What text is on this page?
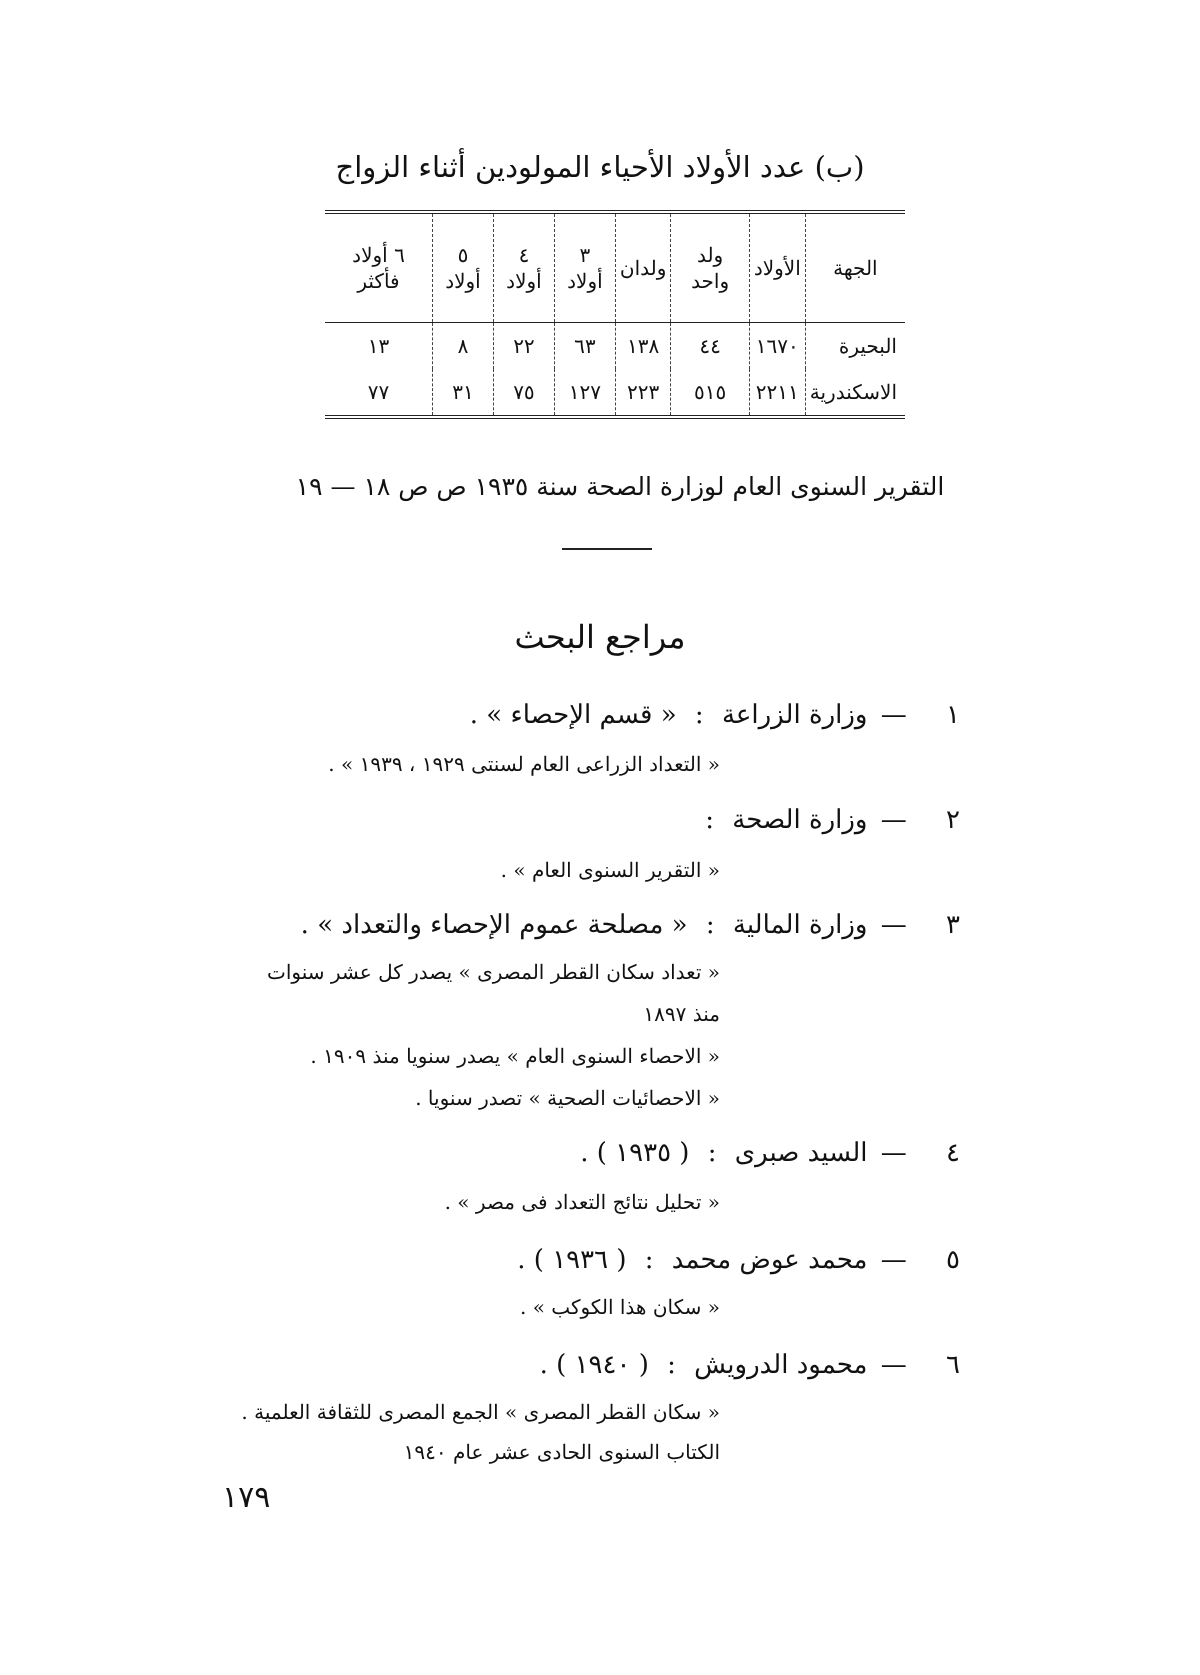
(ب) عدد الأولاد الأحياء المولودين أثناء الزواج
الجهة	الأولاد	ولد واحد	ولدان	٣ أولاد	٤ أولاد	٥ أولاد	٦ أولاد فأكثر
البحيرة	١٦٧٠	٤٤	١٣٨	٦٣	٢٢	٨	١٣
الاسكندرية	٢٢١١	٥١٥	٢٢٣	١٢٧	٧٥	٣١	٧٧
التقرير السنوى العام لوزارة الصحة سنة ١٩٣٥ ص ص ١٨ — ١٩
مراجع البحث
١ — وزارة الزراعة : « قسم الإحصاء » .
« التعداد الزراعى العام لسنتى ١٩٢٩ ، ١٩٣٩ » .
٢ — وزارة الصحة :
« التقرير السنوى العام » .
٣ — وزارة المالية : « مصلحة عموم الإحصاء والتعداد » .
« تعداد سكان القطر المصرى » يصدر كل عشر سنوات
منذ ١٨٩٧
« الاحصاء السنوى العام » يصدر سنويا منذ ١٩٠٩ .
« الاحصائيات الصحية » تصدر سنويا .
٤ — السيد صبرى : ( ١٩٣٥ ) .
« تحليل نتائج التعداد فى مصر » .
٥ — محمد عوض محمد : ( ١٩٣٦ ) .
« سكان هذا الكوكب » .
٦ — محمود الدرويش : ( ١٩٤٠ ) .
« سكان القطر المصرى » الجمع المصرى للثقافة العلمية .
الكتاب السنوى الحادى عشر عام ١٩٤٠
١٧٩
